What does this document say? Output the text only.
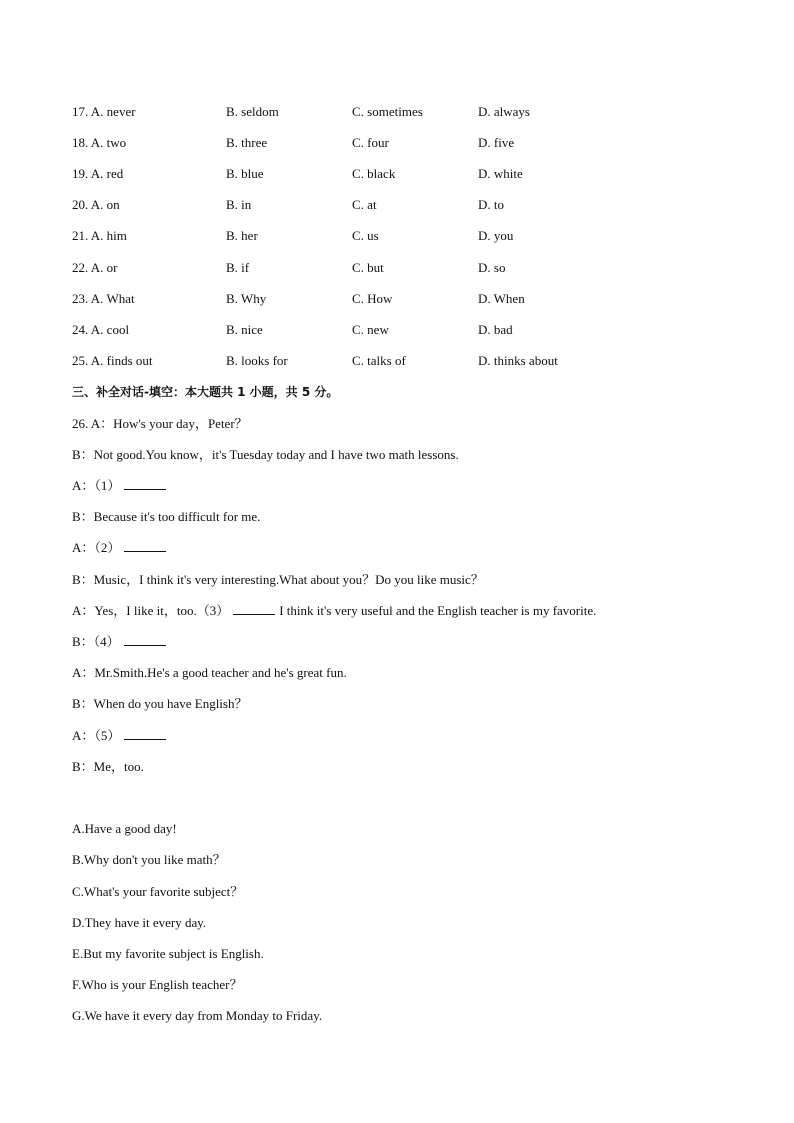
17. A. never	B. seldom	C. sometimes	D. always
18. A. two	B. three	C. four	D. five
19. A. red	B. blue	C. black	D. white
20. A. on	B. in	C. at	D. to
21. A. him	B. her	C. us	D. you
22. A. or	B. if	C. but	D. so
23. A. What	B. Why	C. How	D. When
24. A. cool	B. nice	C. new	D. bad
25. A. finds out	B. looks for	C. talks of	D. thinks about
三、补全对话-填空：本大题共 1 小题，共 5 分。
26. A：How's your day，Peter？
B：Not good.You know，it's Tuesday today and I have two math lessons.
A：（1）
B：Because it's too difficult for me.
A：（2）
B：Music，I think it's very interesting.What about you？Do you like music？
A：Yes，I like it，too.（3）	I think it's very useful and the English teacher is my favorite.
B：（4）
A：Mr.Smith.He's a good teacher and he's great fun.
B：When do you have English？
A：（5）
B：Me，too.
A.Have a good day!
B.Why don't you like math？
C.What's your favorite subject？
D.They have it every day.
E.But my favorite subject is English.
F.Who is your English teacher？
G.We have it every day from Monday to Friday.
